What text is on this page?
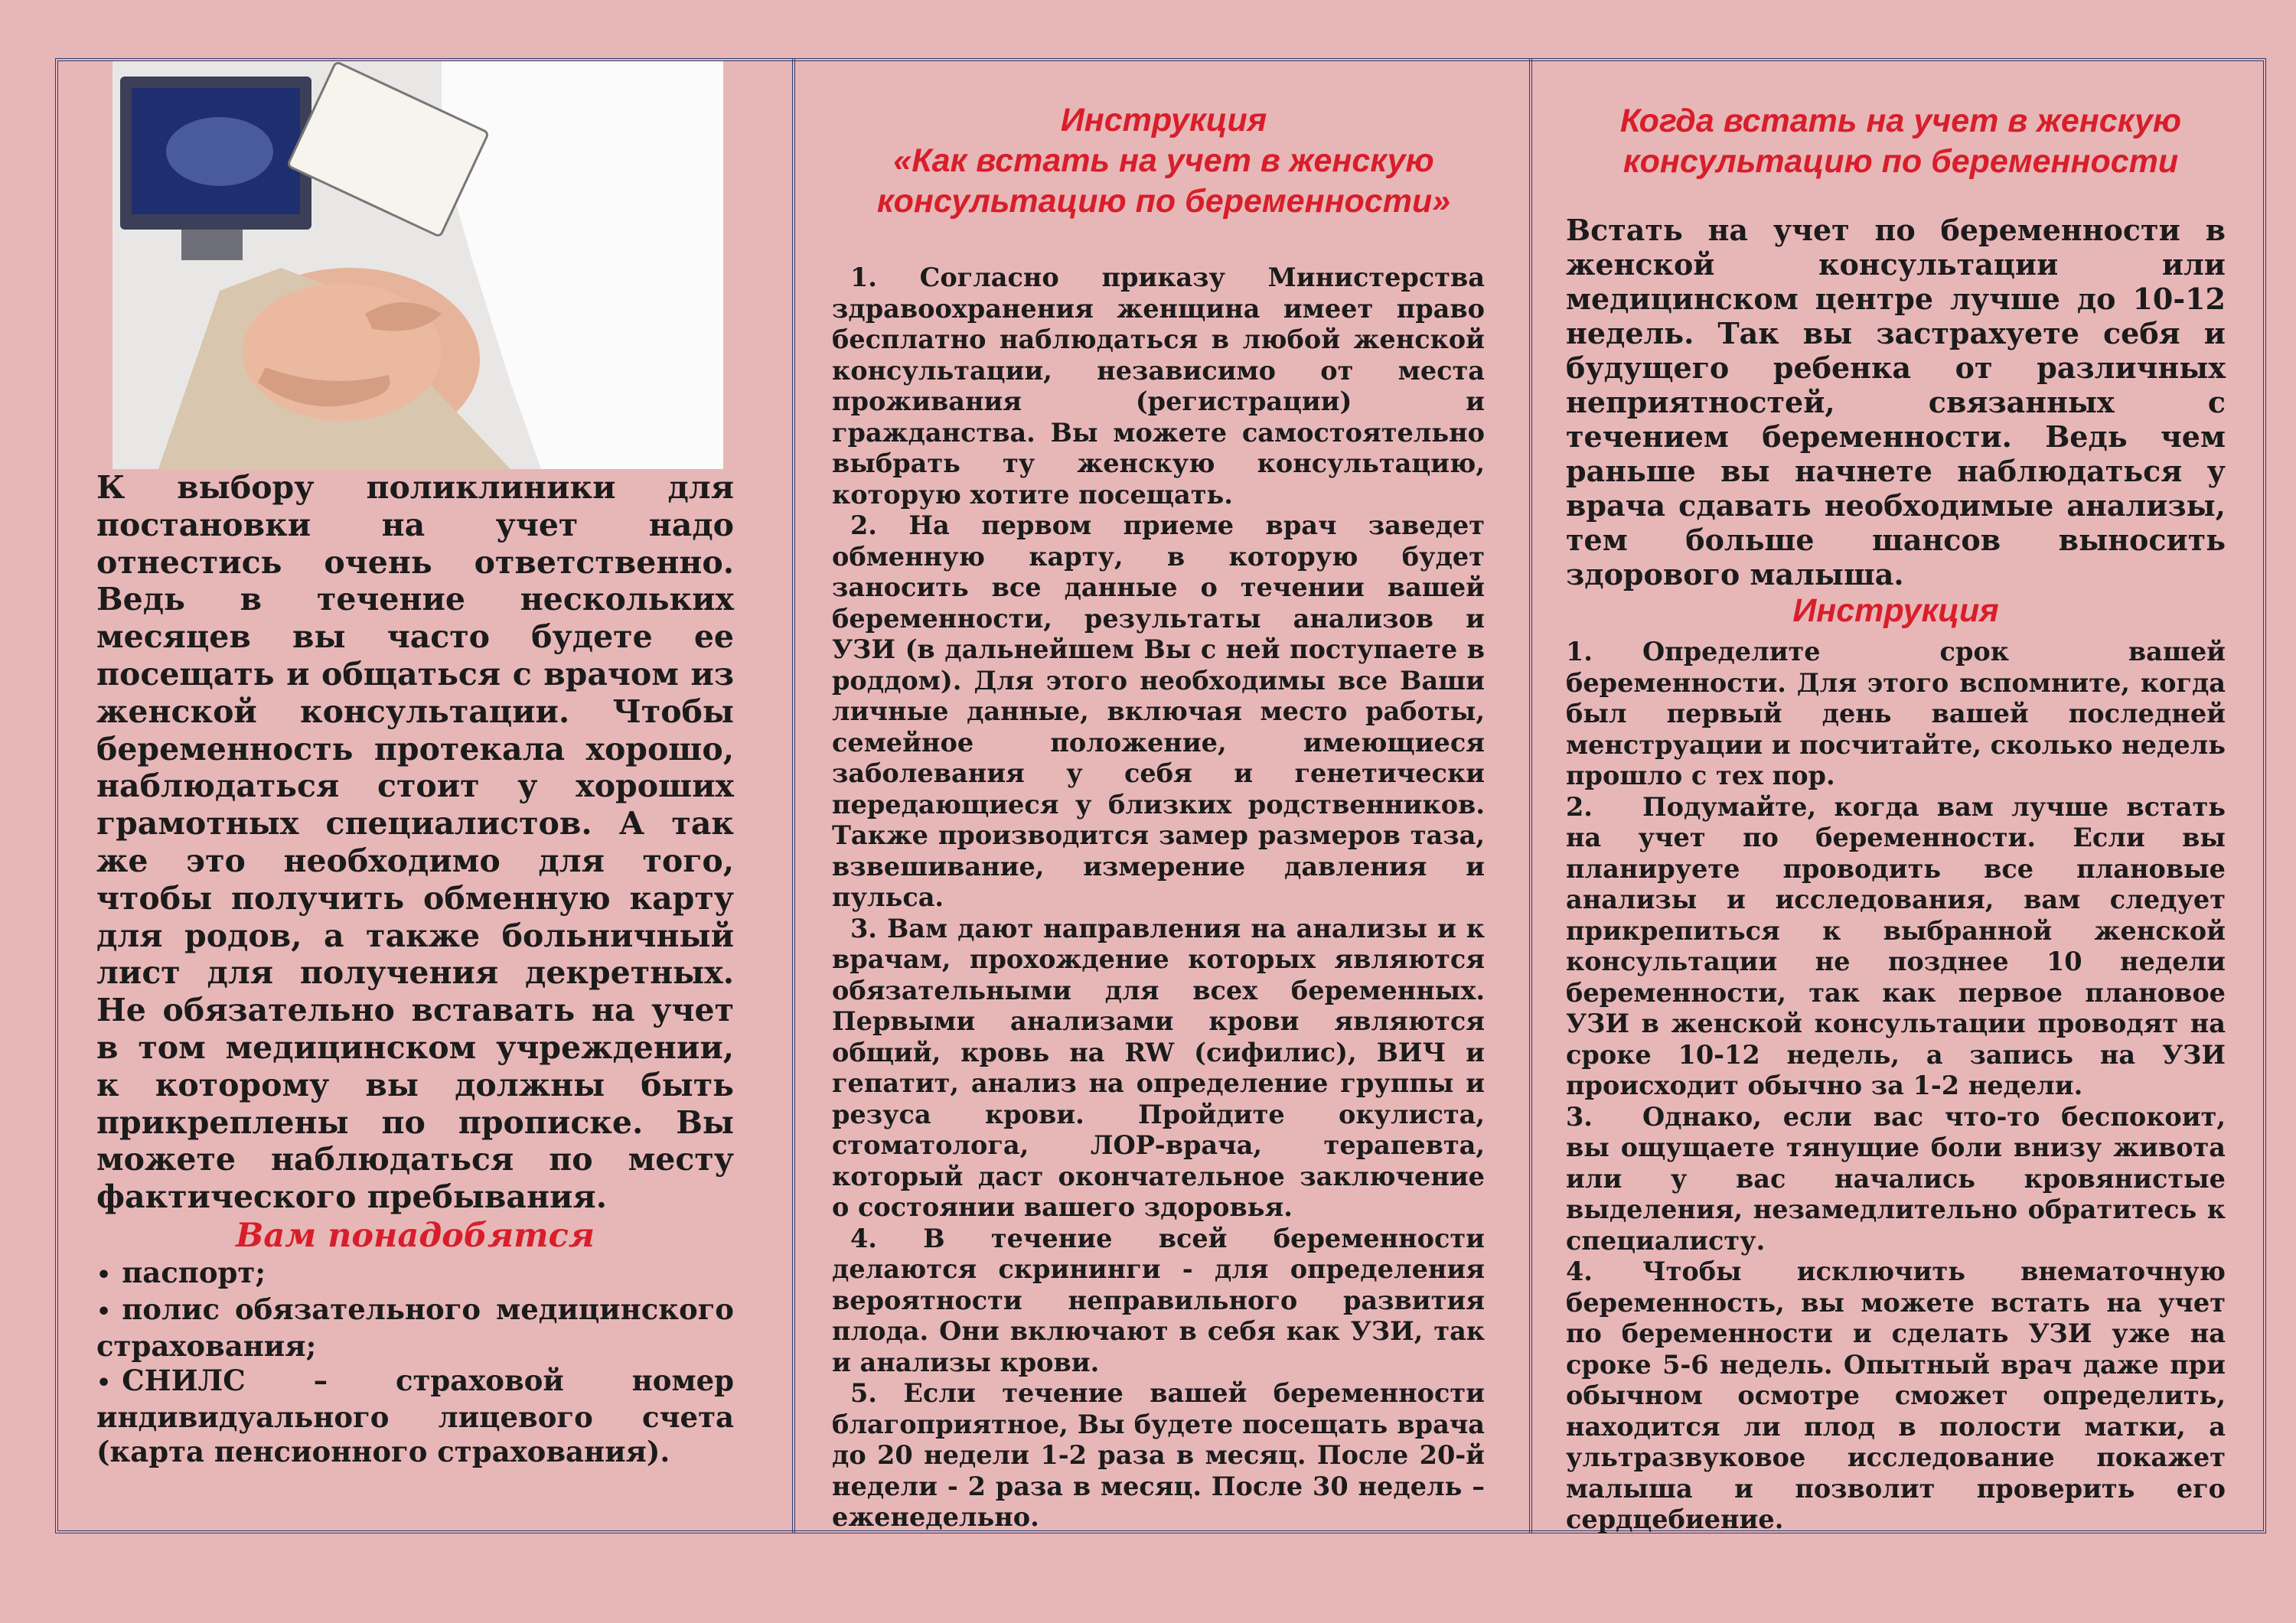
К выбору поликлиники для постановки на учет надо отнестись очень ответственно. Ведь в течение нескольких месяцев вы часто будете ее посещать и общаться с врачом из женской консультации. Чтобы беременность протекала хорошо, наблюдаться стоит у хороших грамотных специалистов. А так же это необходимо для того, чтобы получить обменную карту для родов, а также больничный лист для получения декретных. Не обязательно вставать на учет в том медицинском учреждении, к которому вы должны быть прикреплены по прописке. Вы можете наблюдаться по месту фактического пребывания.

Вам понадобятся
• паспорт;
• полис обязательного медицинского страхования;
• СНИЛС – страховой номер индивидуального лицевого счета (карта пенсионного страхования).
Инструкция
«Как встать на учет в женскую
консультацию по беременности»

1. Согласно приказу Министерства здравоохранения женщина имеет право бесплатно наблюдаться в любой женской консультации, независимо от места проживания (регистрации) и гражданства. Вы можете самостоятельно выбрать ту женскую консультацию, которую хотите посещать.

2. На первом приеме врач заведет обменную карту, в которую будет заносить все данные о течении вашей беременности, результаты анализов и УЗИ (в дальнейшем Вы с ней поступаете в роддом). Для этого необходимы все Ваши личные данные, включая место работы, семейное положение, имеющиеся заболевания у себя и генетически передающиеся у близких родственников. Также производится замер размеров таза, взвешивание, измерение давления и пульса.

3. Вам дают направления на анализы и к врачам, прохождение которых являются обязательными для всех беременных. Первыми анализами крови являются общий, кровь на RW (сифилис), ВИЧ и гепатит, анализ на определение группы и резуса крови. Пройдите окулиста, стоматолога, ЛОР-врача, терапевта, который даст окончательное заключение о состоянии вашего здоровья.

4. В течение всей беременности делаются скрининги - для определения вероятности неправильного развития плода. Они включают в себя как УЗИ, так и анализы крови.

5. Если течение вашей беременности благоприятное, Вы будете посещать врача до 20 недели 1-2 раза в месяц. После 20-й недели - 2 раза в месяц. После 30 недель – еженедельно.

Когда встать на учет в женскую
консультацию по беременности

Встать на учет по беременности в женской консультации или медицинском центре лучше до 10-12 недель. Так вы застрахуете себя и будущего ребенка от различных неприятностей, связанных с течением беременности. Ведь чем раньше вы начнете наблюдаться у врача сдавать необходимые анализы, тем больше шансов выносить здорового малыша.

Инструкция

1. Определите срок вашей беременности. Для этого вспомните, когда был первый день вашей последней менструации и посчитайте, сколько недель прошло с тех пор.

2. Подумайте, когда вам лучше встать на учет по беременности. Если вы планируете проводить все плановые анализы и исследования, вам следует прикрепиться к выбранной женской консультации не позднее 10 недели беременности, так как первое плановое УЗИ в женской консультации проводят на сроке 10-12 недель, а запись на УЗИ происходит обычно за 1-2 недели.

3. Однако, если вас что-то беспокоит, вы ощущаете тянущие боли внизу живота или у вас начались кровянистые выделения, незамедлительно обратитесь к специалисту.

4. Чтобы исключить внематочную беременность, вы можете встать на учет по беременности и сделать УЗИ уже на сроке 5-6 недель. Опытный врач даже при обычном осмотре сможет определить, находится ли плод в полости матки, а ультразвуковое исследование покажет малыша и позволит проверить его сердцебиение.
